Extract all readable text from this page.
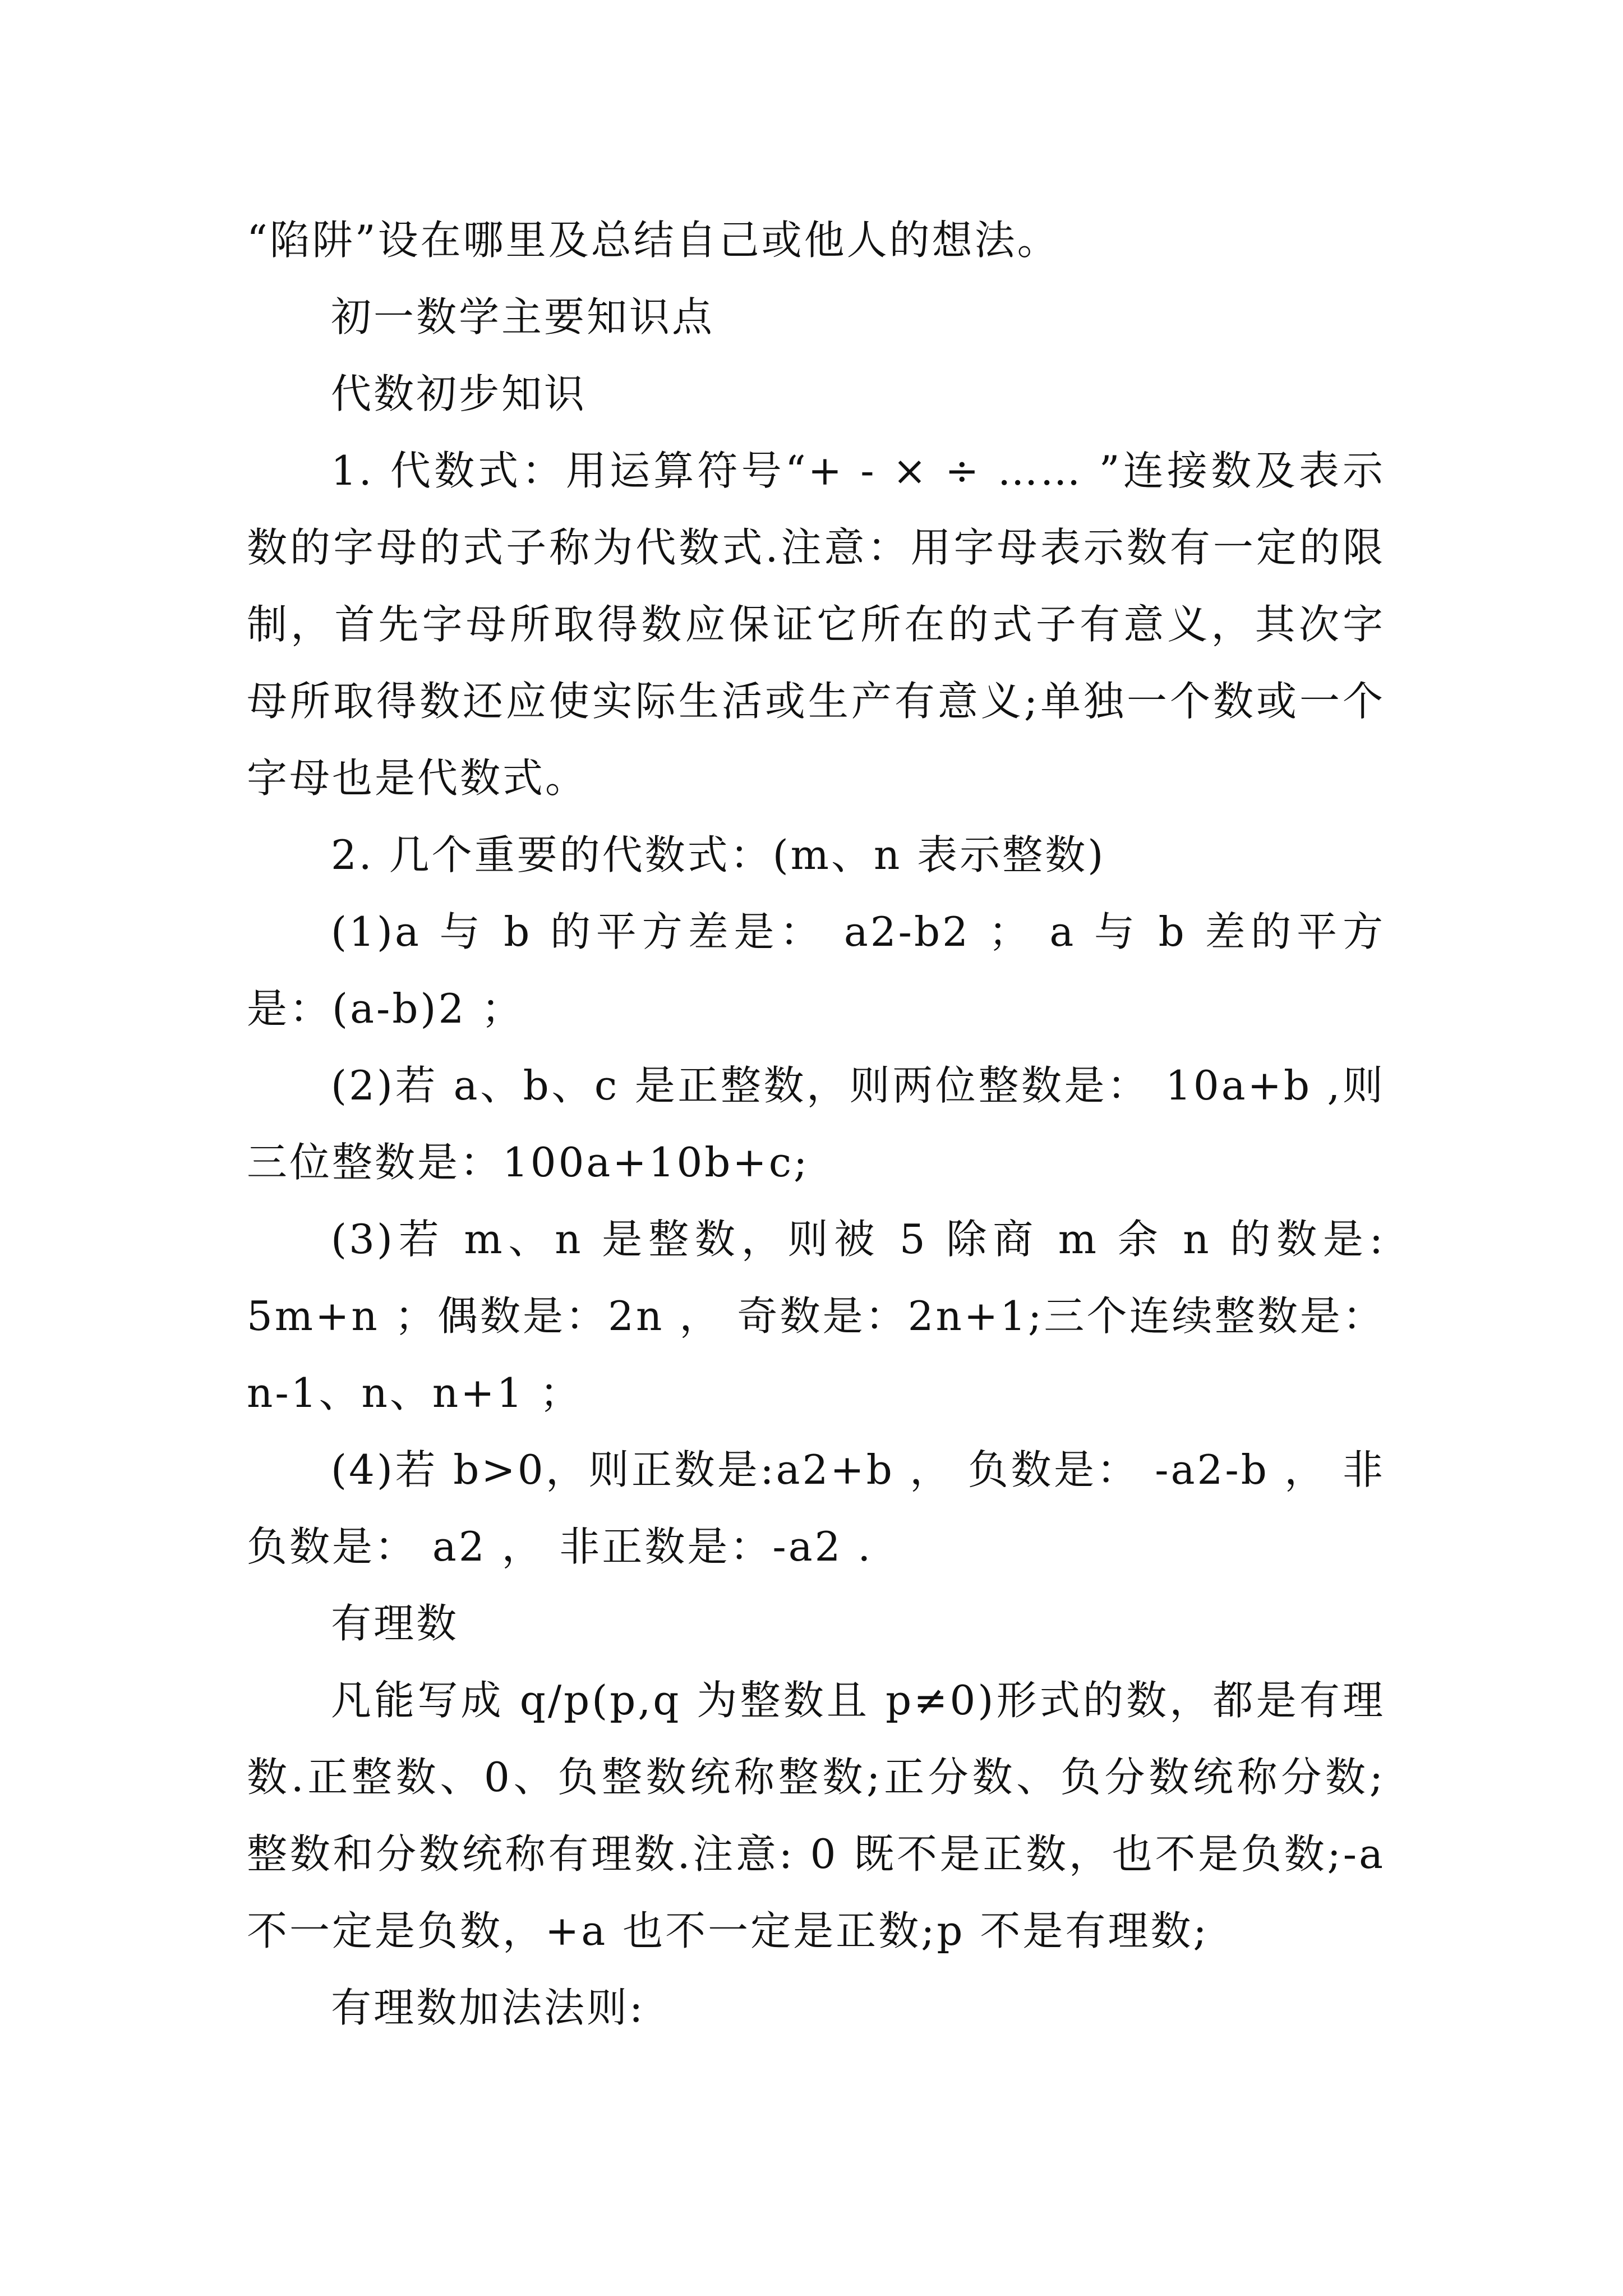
“陷阱”设在哪里及总结自己或他人的想法。

初一数学主要知识点

代数初步知识

1. 代数式：用运算符号“+ - × ÷ …… ”连接数及表示数的字母的式子称为代数式.注意：用字母表示数有一定的限制，首先字母所取得数应保证它所在的式子有意义，其次字母所取得数还应使实际生活或生产有意义;单独一个数或一个字母也是代数式。

2. 几个重要的代数式：(m、n 表示整数)

(1)a 与 b 的平方差是： a2-b2 ； a 与 b 差的平方是：(a-b)2 ；

(2)若 a、b、c 是正整数，则两位整数是： 10a+b ,则三位整数是：100a+10b+c;

(3)若 m、n 是整数，则被 5 除商 m 余 n 的数是: 5m+n ；偶数是：2n ， 奇数是：2n+1;三个连续整数是： n-1、n、n+1 ；

(4)若 b>0，则正数是:a2+b ， 负数是： -a2-b ， 非负数是： a2 ， 非正数是：-a2 .

有理数

凡能写成 q/p(p,q 为整数且 p≠0)形式的数，都是有理数.正整数、0、负整数统称整数;正分数、负分数统称分数;整数和分数统称有理数.注意: 0 既不是正数，也不是负数;-a 不一定是负数，+a 也不一定是正数;p 不是有理数;

有理数加法法则:
